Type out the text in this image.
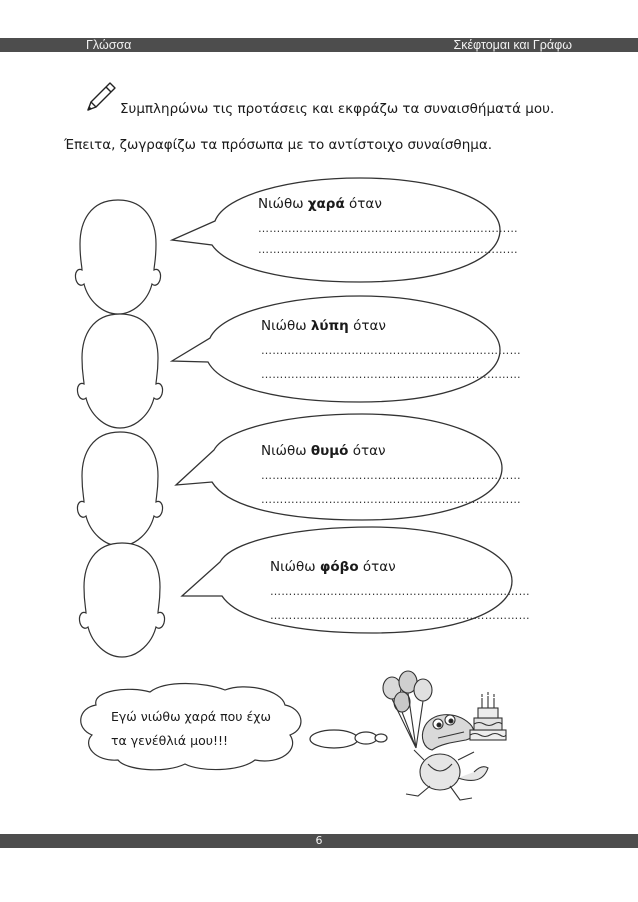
Γλώσσα	Σκέφτομαι και Γράφω
Συμπληρώνω τις προτάσεις και εκφράζω τα συναισθήματά μου.
Έπειτα, ζωγραφίζω τα πρόσωπα με το αντίστοιχο συναίσθημα.
Νιώθω χαρά όταν
……………………………………………………………
……………………………………………………………
Νιώθω λύπη όταν
……………………………………………………………
……………………………………………………………
Νιώθω θυμό όταν
……………………………………………………………
……………………………………………………………
Νιώθω φόβο όταν
……………………………………………………………
……………………………………………………………
Εγώ νιώθω χαρά που έχω
τα γενέθλιά μου!!!
6
